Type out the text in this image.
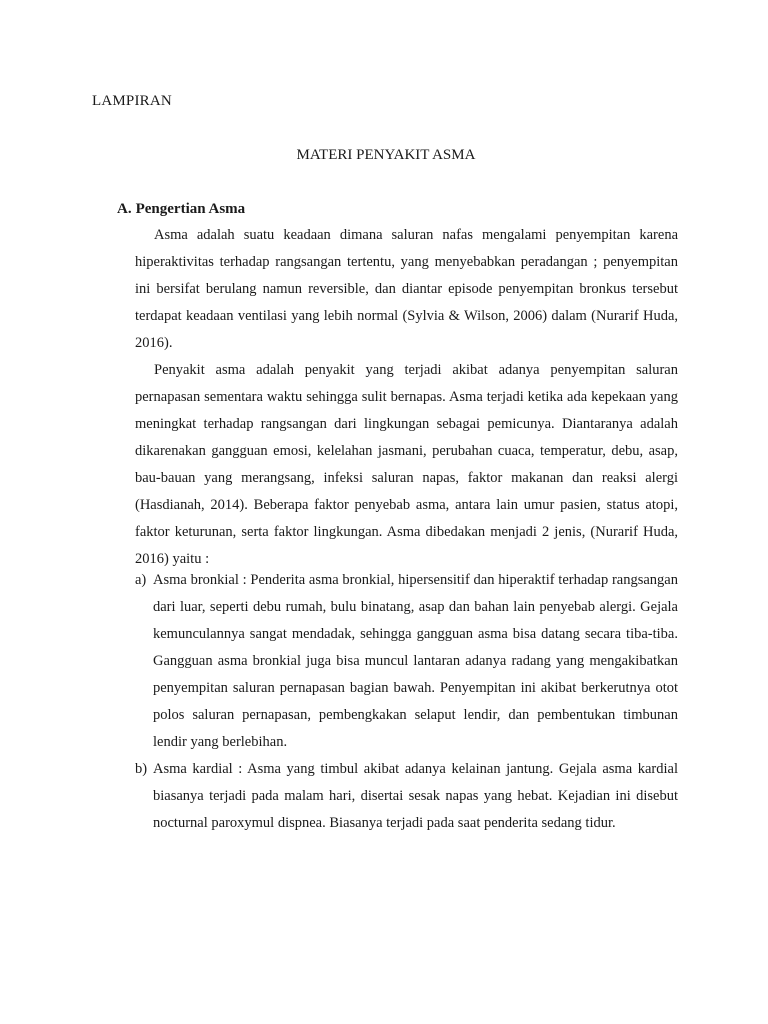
LAMPIRAN
MATERI PENYAKIT ASMA
A. Pengertian Asma

Asma adalah suatu keadaan dimana saluran nafas mengalami penyempitan karena hiperaktivitas terhadap rangsangan tertentu, yang menyebabkan peradangan ; penyempitan ini bersifat berulang namun reversible, dan diantar episode penyempitan bronkus tersebut terdapat keadaan ventilasi yang lebih normal (Sylvia & Wilson, 2006) dalam (Nurarif Huda, 2016).

Penyakit asma adalah penyakit yang terjadi akibat adanya penyempitan saluran pernapasan sementara waktu sehingga sulit bernapas. Asma terjadi ketika ada kepekaan yang meningkat terhadap rangsangan dari lingkungan sebagai pemicunya. Diantaranya adalah dikarenakan gangguan emosi, kelelahan jasmani, perubahan cuaca, temperatur, debu, asap, bau-bauan yang merangsang, infeksi saluran napas, faktor makanan dan reaksi alergi (Hasdianah, 2014). Beberapa faktor penyebab asma, antara lain umur pasien, status atopi, faktor keturunan, serta faktor lingkungan. Asma dibedakan menjadi 2 jenis, (Nurarif Huda, 2016) yaitu :

a) Asma bronkial : Penderita asma bronkial, hipersensitif dan hiperaktif terhadap rangsangan dari luar, seperti debu rumah, bulu binatang, asap dan bahan lain penyebab alergi. Gejala kemunculannya sangat mendadak, sehingga gangguan asma bisa datang secara tiba-tiba. Gangguan asma bronkial juga bisa muncul lantaran adanya radang yang mengakibatkan penyempitan saluran pernapasan bagian bawah. Penyempitan ini akibat berkerutnya otot polos saluran pernapasan, pembengkakan selaput lendir, dan pembentukan timbunan lendir yang berlebihan.
b) Asma kardial : Asma yang timbul akibat adanya kelainan jantung. Gejala asma kardial biasanya terjadi pada malam hari, disertai sesak napas yang hebat. Kejadian ini disebut nocturnal paroxymul dispnea. Biasanya terjadi pada saat penderita sedang tidur.
